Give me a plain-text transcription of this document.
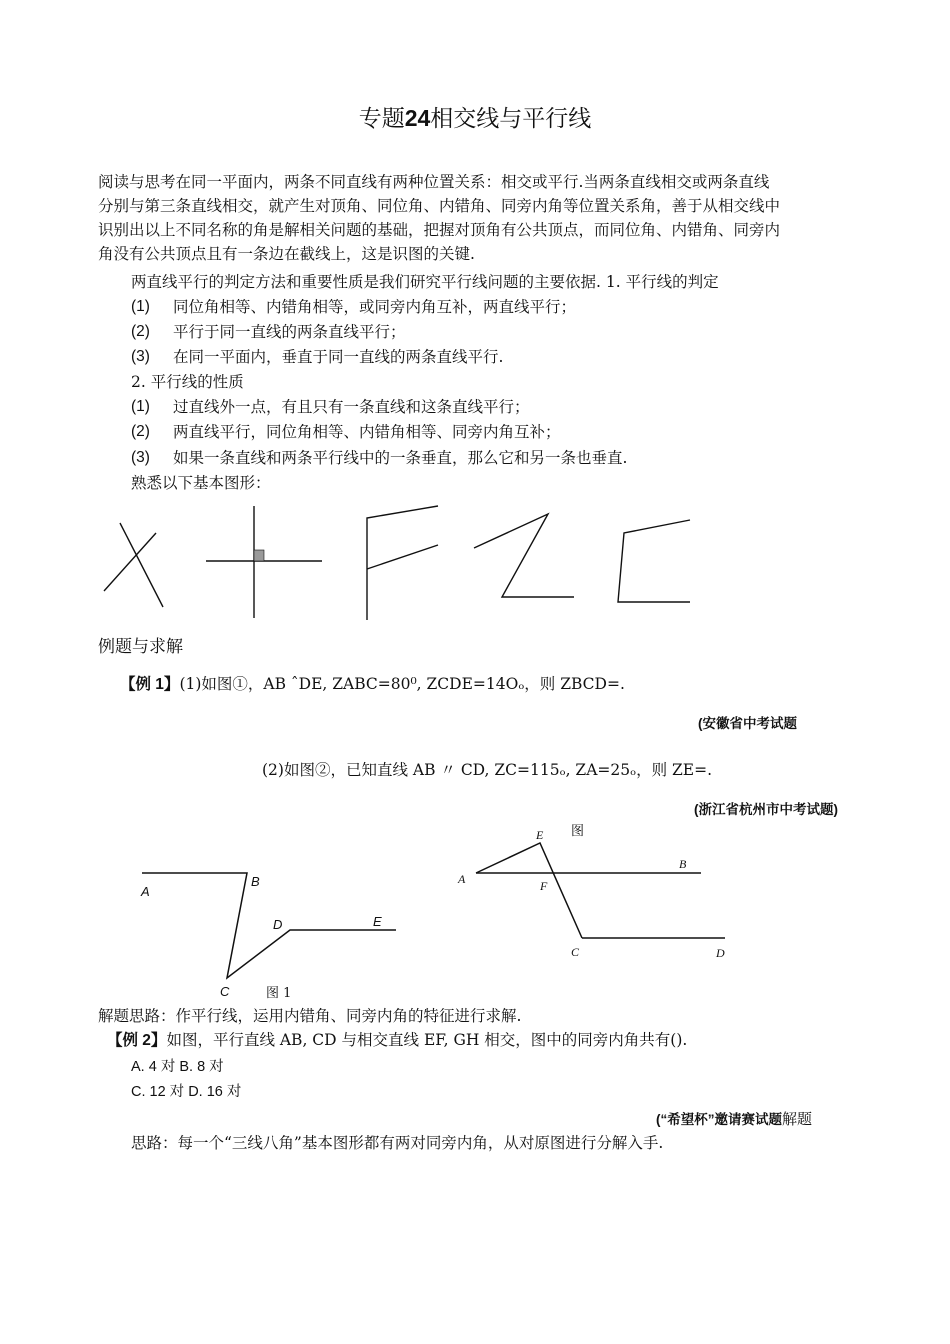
专题24相交线与平行线
阅读与思考在同一平面内，两条不同直线有两种位置关系：相交或平行.当两条直线相交或两条直线
分别与第三条直线相交，就产生对顶角、同位角、内错角、同旁内角等位置关系角，善于从相交线中
识别出以上不同名称的角是解相关问题的基础，把握对顶角有公共顶点，而同位角、内错角、同旁内
角没有公共顶点且有一条边在截线上，这是识图的关键.
两直线平行的判定方法和重要性质是我们研究平行线问题的主要依据. 1. 平行线的判定
(1) 同位角相等、内错角相等，或同旁内角互补，两直线平行；
(2) 平行于同一直线的两条直线平行；
(3) 在同一平面内，垂直于同一直线的两条直线平行.
2. 平行线的性质
(1) 过直线外一点，有且只有一条直线和这条直线平行；
(2) 两直线平行，同位角相等、内错角相等、同旁内角互补；
(3) 如果一条直线和两条平行线中的一条垂直，那么它和另一条也垂直.
熟悉以下基本图形：
例题与求解
【例 1】(1)如图①，AB ˆDE, ZABC=80⁰, ZCDE=14Oₒ，则 ZBCD=.
(安徽省中考试题
(2)如图②，已知直线 AB 〃 CD, ZC=115ₒ, ZA=25ₒ，则 ZE=.
(浙江省杭州市中考试题)
图
A
B
C
D	E
图 1
A
B
C	D
E
F
解题思路：作平行线，运用内错角、同旁内角的特征进行求解.
【例 2】如图，平行直线 AB, CD 与相交直线 EF, GH 相交，图中的同旁内角共有().
A. 4 对 B. 8 对
C. 12 对 D. 16 对
(“希望杯”邀请赛试题解题
思路：每一个“三线八角”基本图形都有两对同旁内角，从对原图进行分解入手.
